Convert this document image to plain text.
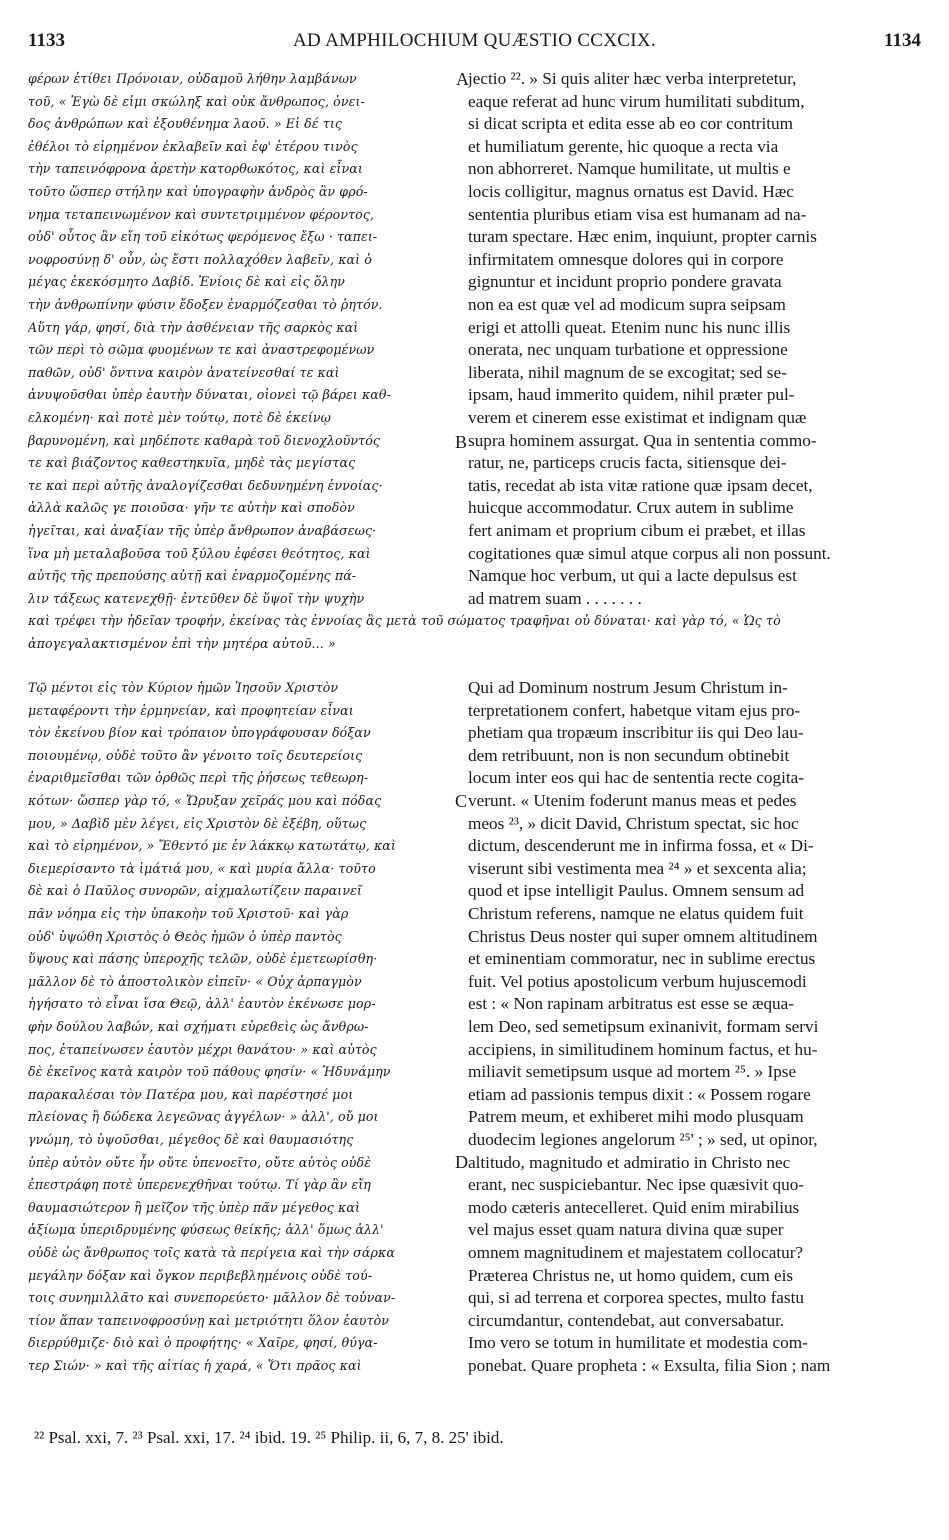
1133	AD AMPHILOCHIUM QUÆSTIO CCXCIX.	1134
φέρων ἐτίθει Πρόνοιαν, οὐδαμοῦ λήθην λαμβάνων
τοῦ, « Ἐγὼ δὲ εἰμι σκώληξ καὶ οὐκ ἄνθρωπος, ὀνει-
δος ἀνθρώπων καὶ ἐξουθένημα λαοῦ. » Εἰ δέ τις
ἐθέλοι τὸ εἰρημένον ἐκλαβεῖν καὶ ἐφ' ἑτέρου τινὸς
τὴν ταπεινόφρονα ἀρετὴν κατορθωκότος, καὶ εἶναι
τοῦτο ὥσπερ στήλην καὶ ὑπογραφὴν ἀνδρὸς ἂν φρό-
νημα τεταπεινωμένον καὶ συντετριμμένον φέροντος,
οὐδ' οὗτος ἂν εἴη τοῦ εἰκότως φερόμενος ἔξω · ταπει-
νοφροσύνῃ δ' οὖν, ὡς ἔστι πολλαχόθεν λαβεῖν, καὶ ὁ
μέγας ἐκεκόσμητο Δαβίδ. Ἐνίοις δὲ καὶ εἰς ὅλην
τὴν ἀνθρωπίνην φύσιν ἔδοξεν ἐναρμόζεσθαι τὸ ῥητόν.
Αὕτη γάρ, φησί, διὰ τὴν ἀσθένειαν τῆς σαρκὸς καὶ
τῶν περὶ τὸ σῶμα φυομένων τε καὶ ἀναστρεφομένων
παθῶν, οὐδ' ὅντινα καιρὸν ἀνατείνεσθαί τε καὶ
ἀνυψοῦσθαι ὑπὲρ ἑαυτὴν δύναται, οἱονεὶ τῷ βάρει καθ-
ελκομένη· καὶ ποτὲ μὲν τούτῳ, ποτὲ δὲ ἐκείνῳ
βαρυνομένη, καὶ μηδέποτε καθαρὰ τοῦ διενοχλοῦντός
τε καὶ βιάζοντος καθεστηκυῖα, μηδὲ τὰς μεγίστας
τε καὶ περὶ αὐτῆς ἀναλογίζεσθαι δεδυνημένη ἐννοίας·
ἀλλὰ καλῶς γε ποιοῦσα· γῆν τε αὐτὴν καὶ σποδὸν
ἡγεῖται, καὶ ἀναξίαν τῆς ὑπὲρ ἄνθρωπον ἀναβάσεως·
ἵνα μὴ μεταλαβοῦσα τοῦ ξύλου ἐφέσει θεότητος, καὶ
αὐτῆς τῆς πρεπούσης αὐτῇ καὶ ἐναρμοζομένης πά-
λιν τάξεως κατενεχθῇ· ἐντεῦθεν δὲ ὕψοῖ τὴν ψυχὴν
jectio ²². » Si quis aliter hæc verba interpretetur,
eaque referat ad hunc virum humilitati subditum,
si dicat scripta et edita esse ab eo cor contritum
et humiliatum gerente, hic quoque a recta via
non abhorreret. Namque humilitate, ut multis e
locis colligitur, magnus ornatus est David. Hæc
sententia pluribus etiam visa est humanam ad na-
turam spectare. Hæc enim, inquiunt, propter carnis
infirmitatem omnesque dolores qui in corpore
gignuntur et incidunt proprio pondere gravata
non ea est quæ vel ad modicum supra seipsam
erigi et attolli queat. Etenim nunc his nunc illis
onerata, nec unquam turbatione et oppressione
liberata, nihil magnum de se excogitat; sed se-
ipsam, haud immerito quidem, nihil præter pul-
verem et cinerem esse existimat et indignam quæ
supra hominem assurgat. Qua in sententia commo-
ratur, ne, particeps crucis facta, sitiensque dei-
tatis, recedat ab ista vitæ ratione quæ ipsam decet,
huicque accommodatur. Crux autem in sublime
fert animam et proprium cibum ei præbet, et illas
cogitationes quæ simul atque corpus ali non possunt.
Namque hoc verbum, ut qui a lacte depulsus est
ad matrem suam . . . . . . .
καὶ τρέφει τὴν ἠδεῖαν τροφήν, ἐκείνας τὰς ἐννοίας ἃς μετὰ τοῦ σώματος τραφῆναι οὐ δύναται· καὶ γὰρ τό, « Ὡς τὸ
ἀπογεγαλακτισμένον ἐπὶ τὴν μητέρα αὐτοῦ... »
Τῷ μέντοι εἰς τὸν Κύριον ἡμῶν Ἰησοῦν Χριστὸν
μεταφέροντι τὴν ἑρμηνείαν, καὶ προφητείαν εἶναι
τὸν ἐκείνου βίον καὶ τρόπαιον ὑπογράφουσαν δόξαν
ποιουμένῳ, οὐδὲ τοῦτο ἂν γένοιτο τοῖς δευτερείοις
ἐναριθμεῖσθαι τῶν ὀρθῶς περὶ τῆς ῥήσεως τεθεωρη-
κότων· ὥσπερ γὰρ τό, « Ὤρυξαν χεῖράς μου καὶ πόδας
μου, » Δαβὶδ μὲν λέγει, εἰς Χριστὸν δὲ ἐξέβη, οὕτως
καὶ τὸ εἰρημένον, » Ἔθεντό με ἐν λάκκῳ κατωτάτῳ, καὶ
διεμερίσαντο τὰ ἱμάτιά μου, « καὶ μυρία ἄλλα· τοῦτο
δὲ καὶ ὁ Παῦλος συνορῶν, αἰχμαλωτίζειν παραινεῖ
πᾶν νόημα εἰς τὴν ὑπακοὴν τοῦ Χριστοῦ· καὶ γὰρ
οὐδ' ὑψώθη Χριστὸς ὁ Θεὸς ἡμῶν ὁ ὑπὲρ παντὸς
ὕψους καὶ πάσης ὑπεροχῆς τελῶν, οὐδὲ ἐμετεωρίσθη·
μᾶλλον δὲ τὸ ἀποστολικὸν εἰπεῖν· « Οὐχ ἁρπαγμὸν
ἡγήσατο τὸ εἶναι ἴσα Θεῷ, ἀλλ' ἑαυτὸν ἐκένωσε μορ-
φὴν δούλου λαβών, καὶ σχήματι εὑρεθεὶς ὡς ἄνθρω-
πος, ἐταπείνωσεν ἑαυτὸν μέχρι θανάτου· » καὶ αὐτὸς
δὲ ἐκεῖνος κατὰ καιρὸν τοῦ πάθους φησίν· « Ἠδυνάμην
παρακαλέσαι τὸν Πατέρα μου, καὶ παρέστησέ μοι
πλείονας ἢ δώδεκα λεγεῶνας ἀγγέλων· » ἀλλ', οὔ μοι
γνώμη, τὸ ὑψοῦσθαι, μέγεθος δὲ καὶ θαυμασιότης
ὑπὲρ αὐτὸν οὔτε ἦν οὔτε ὑπενοεῖτο, οὔτε αὐτὸς οὐδὲ
ἐπεστράφη ποτὲ ὑπερενεχθῆναι τούτῳ. Τί γὰρ ἂν εἴη
θαυμασιώτερον ἢ μεῖζον τῆς ὑπὲρ πᾶν μέγεθος καὶ
ἀξίωμα ὑπεριδρυμένης φύσεως θείκῆς; ἀλλ' ὅμως ἀλλ'
οὐδὲ ὡς ἄνθρωπος τοῖς κατὰ τὰ περίγεια καὶ τὴν σάρκα
μεγάλην δόξαν καὶ ὄγκον περιβεβλημένοις οὐδὲ τού-
τοις συνημιλλᾶτο καὶ συνεπορεύετο· μᾶλλον δὲ τοὐναν-
τίον ἅπαν ταπεινοφροσύνῃ καὶ μετριότητι ὅλον ἑαυτὸν
διερρύθμιζε· διὸ καὶ ὁ προφήτης· « Χαῖρε, φησί, θύγα-
τερ Σιών· » καὶ τῆς αἰτίας ἡ χαρά, « Ὅτι πρᾶος καὶ
Qui ad Dominum nostrum Jesum Christum in-
terpretationem confert, habetque vitam ejus pro-
phetiam qua tropæum inscribitur iis qui Deo lau-
dem retribuunt, non is non secundum obtinebit
locum inter eos qui hac de sententia recte cogita-
verunt. « Utenim foderunt manus meas et pedes
meos ²³, » dicit David, Christum spectat, sic hoc
dictum, descenderunt me in infirma fossa, et « Di-
viserunt sibi vestimenta mea ²⁴ » et sexcenta alia;
quod et ipse intelligit Paulus. Omnem sensum ad
Christum referens, namque ne elatus quidem fuit
Christus Deus noster qui super omnem altitudinem
et eminentiam commoratur, nec in sublime erectus
fuit. Vel potius apostolicum verbum hujuscemodi
est : « Non rapinam arbitratus est esse se æqua-
lem Deo, sed semetipsum exinanivit, formam servi
accipiens, in similitudinem hominum factus, et hu-
miliavit semetipsum usque ad mortem ²⁵. » Ipse
etiam ad passionis tempus dixit : « Possem rogare
Patrem meum, et exhiberet mihi modo plusquam
duodecim legiones angelorum ²⁵' ; » sed, ut opinor,
altitudo, magnitudo et admiratio in Christo nec
erant, nec suspiciebantur. Nec ipse quæsivit quo-
modo cæteris antecelleret. Quid enim mirabilius
vel majus esset quam natura divina quæ super
omnem magnitudinem et majestatem collocatur?
Præterea Christus ne, ut homo quidem, cum eis
qui, si ad terrena et corporea spectes, multo fastu
circumdantur, contendebat, aut conversabatur.
Imo vero se totum in humilitate et modestia com-
ponebat. Quare propheta : « Exsulta, filia Sion ; nam
A
B
C
D
²² Psal. xxi, 7. ²³ Psal. xxi, 17. ²⁴ ibid. 19. ²⁵ Philip. ii, 6, 7, 8. 25' ibid.
